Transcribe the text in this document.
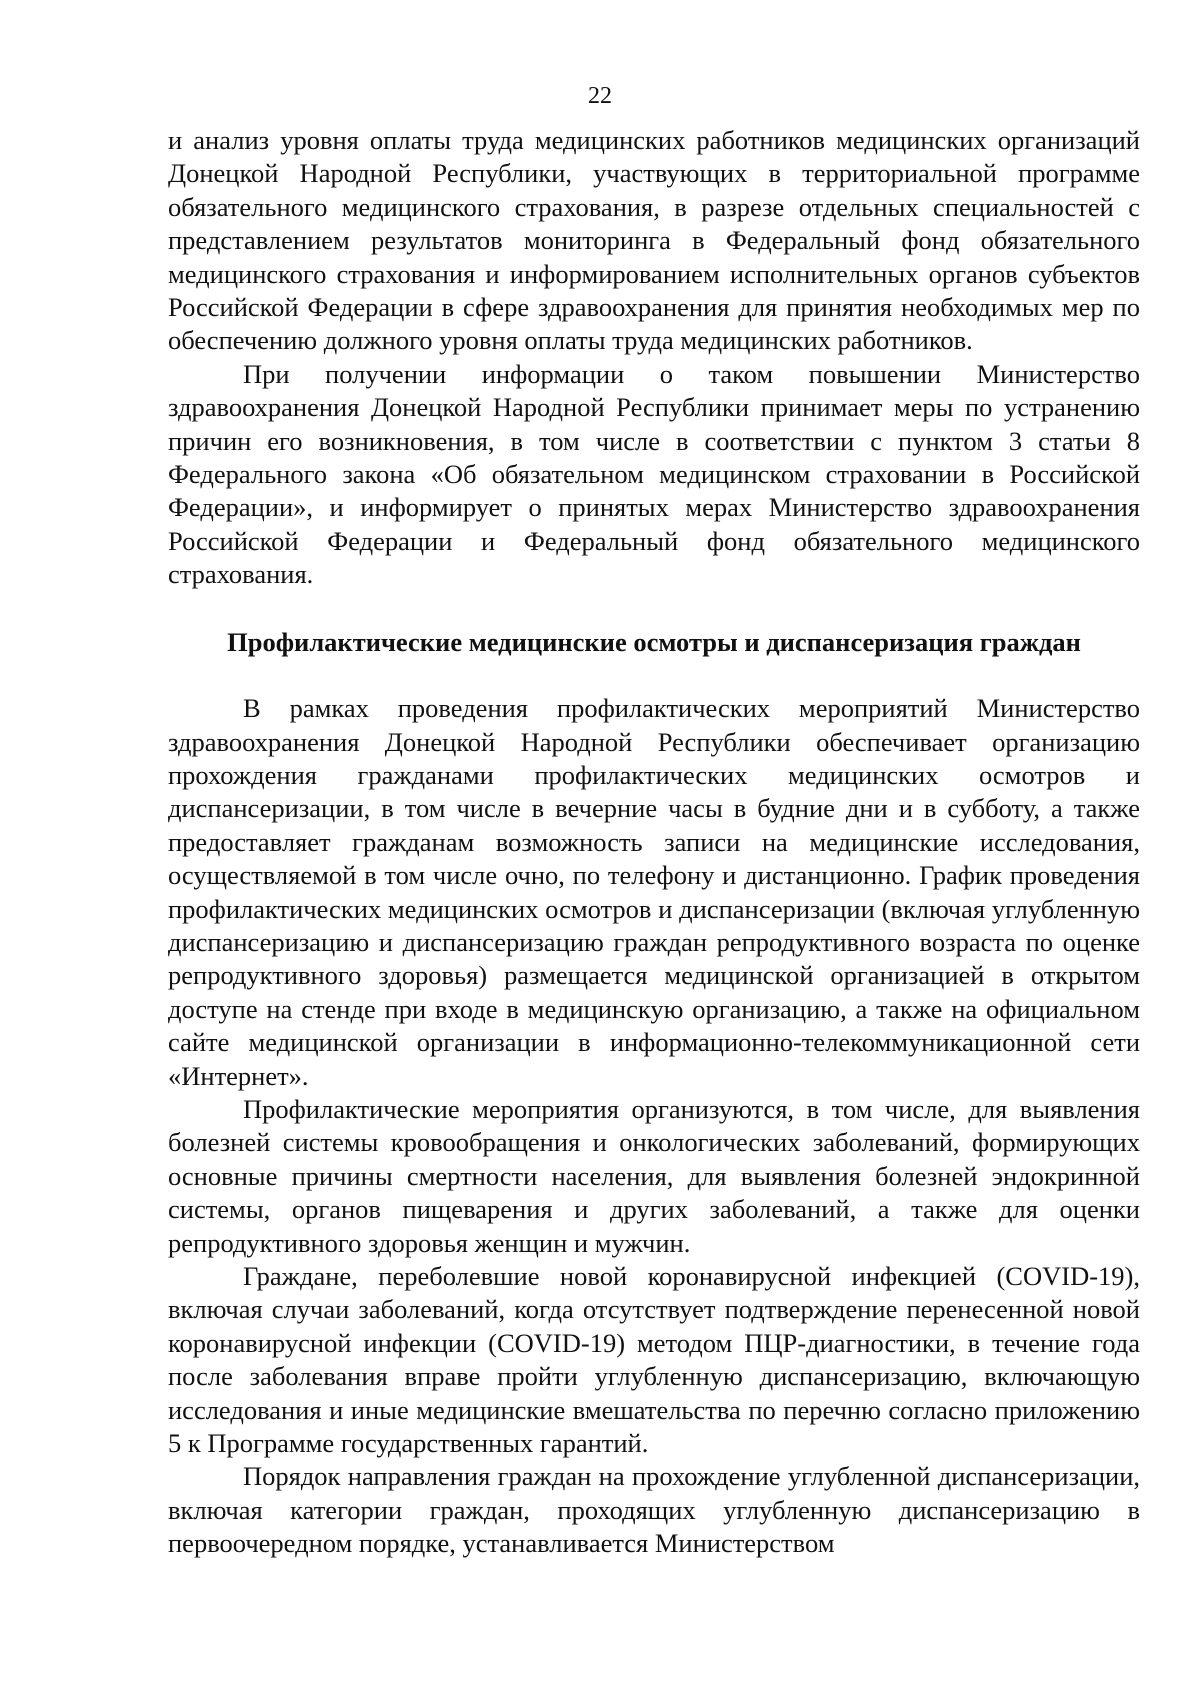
22

и анализ уровня оплаты труда медицинских работников медицинских организаций Донецкой Народной Республики, участвующих в территориальной программе обязательного медицинского страхования, в разрезе отдельных специальностей с представлением результатов мониторинга в Федеральный фонд обязательного медицинского страхования и информированием исполнительных органов субъектов Российской Федерации в сфере здравоохранения для принятия необходимых мер по обеспечению должного уровня оплаты труда медицинских работников.

При получении информации о таком повышении Министерство здравоохранения Донецкой Народной Республики принимает меры по устранению причин его возникновения, в том числе в соответствии с пунктом 3 статьи 8 Федерального закона «Об обязательном медицинском страховании в Российской Федерации», и информирует о принятых мерах Министерство здравоохранения Российской Федерации и Федеральный фонд обязательного медицинского страхования.

Профилактические медицинские осмотры и диспансеризация граждан

В рамках проведения профилактических мероприятий Министерство здравоохранения Донецкой Народной Республики обеспечивает организацию прохождения гражданами профилактических медицинских осмотров и диспансеризации, в том числе в вечерние часы в будние дни и в субботу, а также предоставляет гражданам возможность записи на медицинские исследования, осуществляемой в том числе очно, по телефону и дистанционно. График проведения профилактических медицинских осмотров и диспансеризации (включая углубленную диспансеризацию и диспансеризацию граждан репродуктивного возраста по оценке репродуктивного здоровья) размещается медицинской организацией в открытом доступе на стенде при входе в медицинскую организацию, а также на официальном сайте медицинской организации в информационно-телекоммуникационной сети «Интернет».

Профилактические мероприятия организуются, в том числе, для выявления болезней системы кровообращения и онкологических заболеваний, формирующих основные причины смертности населения, для выявления болезней эндокринной системы, органов пищеварения и других заболеваний, а также для оценки репродуктивного здоровья женщин и мужчин.

Граждане, переболевшие новой коронавирусной инфекцией (COVID-19), включая случаи заболеваний, когда отсутствует подтверждение перенесенной новой коронавирусной инфекции (COVID-19) методом ПЦР-диагностики, в течение года после заболевания вправе пройти углубленную диспансеризацию, включающую исследования и иные медицинские вмешательства по перечню согласно приложению 5 к Программе государственных гарантий.

Порядок направления граждан на прохождение углубленной диспансеризации, включая категории граждан, проходящих углубленную диспансеризацию в первоочередном порядке, устанавливается Министерством
